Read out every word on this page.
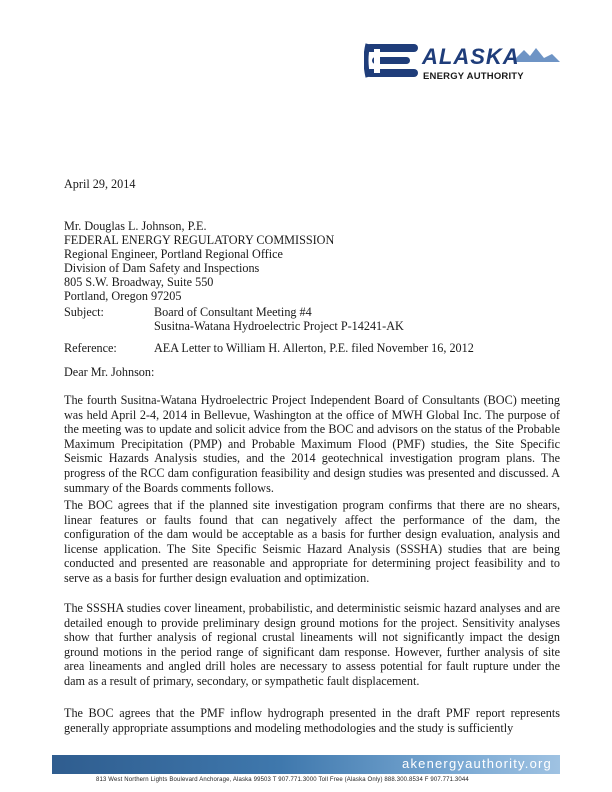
ALASKA
ENERGY AUTHORITY
April 29, 2014
Mr. Douglas L. Johnson, P.E.
FEDERAL ENERGY REGULATORY COMMISSION
Regional Engineer, Portland Regional Office
Division of Dam Safety and Inspections
805 S.W. Broadway, Suite 550
Portland, Oregon 97205
Subject:	Board of Consultant Meeting #4
Susitna-Watana Hydroelectric Project P-14241-AK
Reference:	AEA Letter to William H. Allerton, P.E. filed November 16, 2012
Dear Mr. Johnson:
The fourth Susitna-Watana Hydroelectric Project Independent Board of Consultants (BOC) meeting was held April 2-4, 2014 in Bellevue, Washington at the office of MWH Global Inc. The purpose of the meeting was to update and solicit advice from the BOC and advisors on the status of the Probable Maximum Precipitation (PMP) and Probable Maximum Flood (PMF) studies, the Site Specific Seismic Hazards Analysis studies, and the 2014 geotechnical investigation program plans. The progress of the RCC dam configuration feasibility and design studies was presented and discussed. A summary of the Boards comments follows.
The BOC agrees that if the planned site investigation program confirms that there are no shears, linear features or faults found that can negatively affect the performance of the dam, the configuration of the dam would be acceptable as a basis for further design evaluation, analysis and license application. The Site Specific Seismic Hazard Analysis (SSSHA) studies that are being conducted and presented are reasonable and appropriate for determining project feasibility and to serve as a basis for further design evaluation and optimization.
The SSSHA studies cover lineament, probabilistic, and deterministic seismic hazard analyses and are detailed enough to provide preliminary design ground motions for the project. Sensitivity analyses show that further analysis of regional crustal lineaments will not significantly impact the design ground motions in the period range of significant dam response. However, further analysis of site area lineaments and angled drill holes are necessary to assess potential for fault rupture under the dam as a result of primary, secondary, or sympathetic fault displacement.
The BOC agrees that the PMF inflow hydrograph presented in the draft PMF report represents generally appropriate assumptions and modeling methodologies and the study is sufficiently
akenergyauthority.org
813 West Northern Lights Boulevard Anchorage, Alaska 99503 T 907.771.3000 Toll Free (Alaska Only) 888.300.8534 F 907.771.3044
